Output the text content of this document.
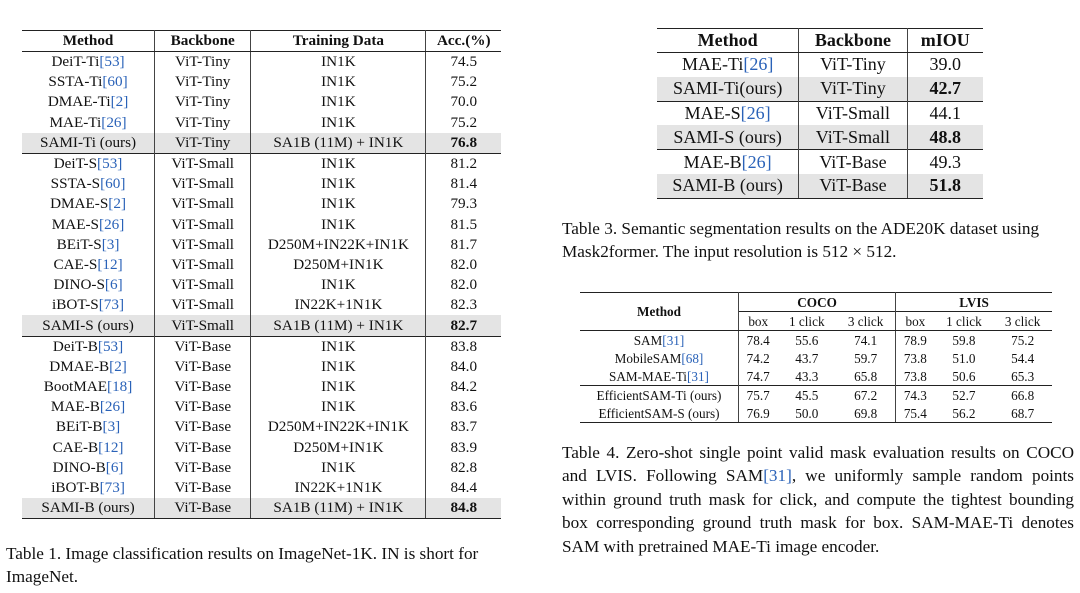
Method	Backbone	Training Data	Acc.(%)
DeiT-Ti[53]	ViT-Tiny	IN1K	74.5
SSTA-Ti[60]	ViT-Tiny	IN1K	75.2
DMAE-Ti[2]	ViT-Tiny	IN1K	70.0
MAE-Ti[26]	ViT-Tiny	IN1K	75.2
SAMI-Ti (ours)	ViT-Tiny	SA1B (11M) + IN1K	76.8
DeiT-S[53]	ViT-Small	IN1K	81.2
SSTA-S[60]	ViT-Small	IN1K	81.4
DMAE-S[2]	ViT-Small	IN1K	79.3
MAE-S[26]	ViT-Small	IN1K	81.5
BEiT-S[3]	ViT-Small	D250M+IN22K+IN1K	81.7
CAE-S[12]	ViT-Small	D250M+IN1K	82.0
DINO-S[6]	ViT-Small	IN1K	82.0
iBOT-S[73]	ViT-Small	IN22K+1N1K	82.3
SAMI-S (ours)	ViT-Small	SA1B (11M) + IN1K	82.7
DeiT-B[53]	ViT-Base	IN1K	83.8
DMAE-B[2]	ViT-Base	IN1K	84.0
BootMAE[18]	ViT-Base	IN1K	84.2
MAE-B[26]	ViT-Base	IN1K	83.6
BEiT-B[3]	ViT-Base	D250M+IN22K+IN1K	83.7
CAE-B[12]	ViT-Base	D250M+IN1K	83.9
DINO-B[6]	ViT-Base	IN1K	82.8
iBOT-B[73]	ViT-Base	IN22K+1N1K	84.4
SAMI-B (ours)	ViT-Base	SA1B (11M) + IN1K	84.8
Table 1. Image classification results on ImageNet-1K. IN is short for ImageNet.
Method	Backbone	mIOU
MAE-Ti[26]	ViT-Tiny	39.0
SAMI-Ti(ours)	ViT-Tiny	42.7
MAE-S[26]	ViT-Small	44.1
SAMI-S (ours)	ViT-Small	48.8
MAE-B[26]	ViT-Base	49.3
SAMI-B (ours)	ViT-Base	51.8
Table 3. Semantic segmentation results on the ADE20K dataset using Mask2former. The input resolution is 512 × 512.
Method	COCO			LVIS		
	box	1 click	3 click	box	1 click	3 click
SAM[31]	78.4	55.6	74.1	78.9	59.8	75.2
MobileSAM[68]	74.2	43.7	59.7	73.8	51.0	54.4
SAM-MAE-Ti[31]	74.7	43.3	65.8	73.8	50.6	65.3
EfficientSAM-Ti (ours)	75.7	45.5	67.2	74.3	52.7	66.8
EfficientSAM-S (ours)	76.9	50.0	69.8	75.4	56.2	68.7
Table 4. Zero-shot single point valid mask evaluation results on COCO and LVIS. Following SAM[31], we uniformly sample random points within ground truth mask for click, and compute the tightest bounding box corresponding ground truth mask for box. SAM-MAE-Ti denotes SAM with pretrained MAE-Ti image encoder.
